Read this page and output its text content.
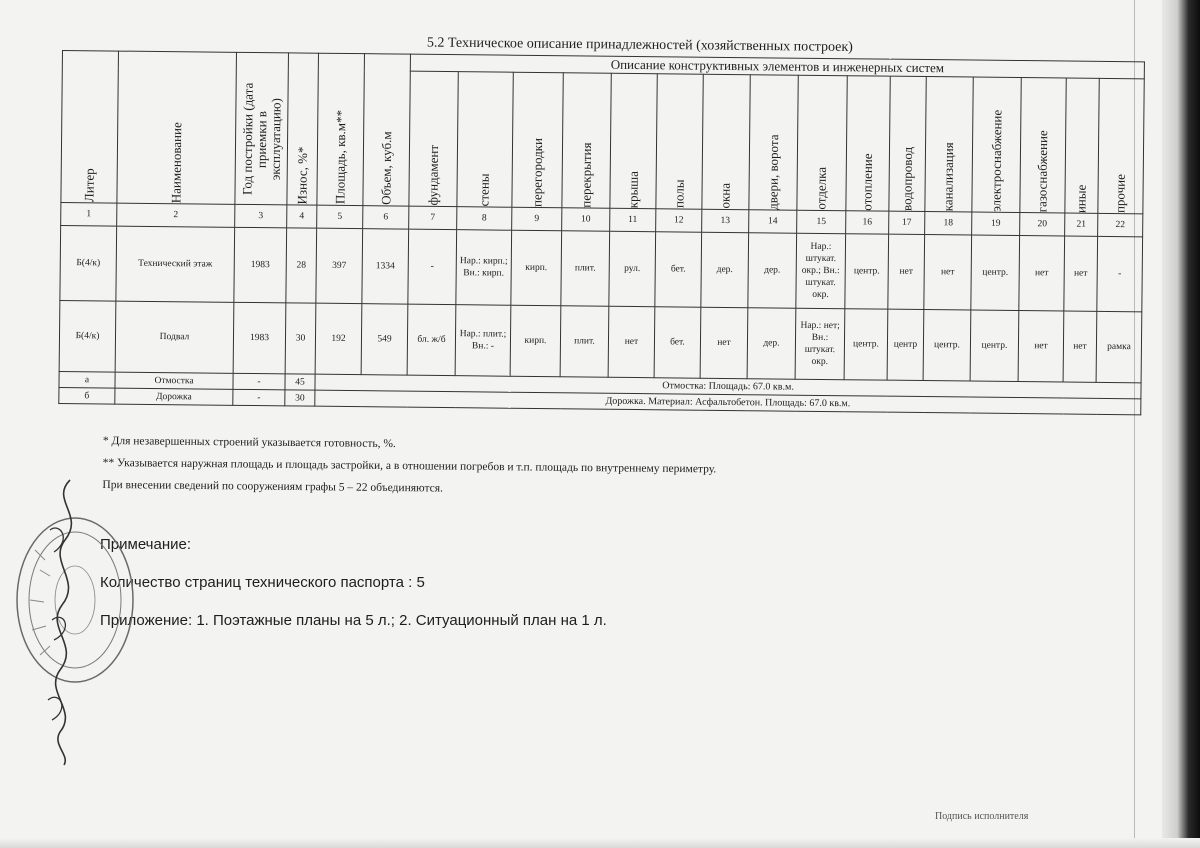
5.2 Техническое описание принадлежностей (хозяйственных построек)
Литер	Наименование	Год постройки (дата приемки в эксплуатацию)	Износ, %*	Площадь, кв.м**	Объем, куб.м	Описание конструктивных элементов и инженерных систем															

						фундамент	стены	перегородки	перекрытия	крыша	полы	окна	двери, ворота	отделка	отопление	водопровод	канализация	электроснабжение	газоснабжение	иные	прочие

1	2	3	4	5	6	7	8	9	10	11	12	13	14	15	16	17	18	19	20	21	22
Б(4/к)	Технический этаж	1983	28	397	1334	-	Нар.: кирп.; Вн.: кирп.	кирп.	плит.	рул.	бет.	дер.	дер.	Нар.: штукат. окр.; Вн.: штукат. окр.	центр.	нет	нет	центр.	нет	нет	-
Б(4/к)	Подвал	1983	30	192	549	бл. ж/б	Нар.: плит.; Вн.: -	кирп.	плит.	нет	бет.	нет	дер.	Нар.: нет; Вн.: штукат. окр.	центр.	центр	центр.	центр.	нет	нет	рамка
а	Отмостка	-	45	Отмостка: Площадь: 67.0 кв.м.																	
б	Дорожка	-	30	Дорожка. Материал: Асфальтобетон. Площадь: 67.0 кв.м.																	

* Для незавершенных строений указывается готовность, %.

** Указывается наружная площадь и площадь застройки, а в отношении погребов и т.п. площадь по внутреннему периметру.

При внесении сведений по сооружениям графы 5 – 22 объединяются.

Примечание:

Количество страниц технического паспорта : 5

Приложение: 1. Поэтажные планы на 5 л.; 2. Ситуационный план на 1 л.

Подпись исполнителя
